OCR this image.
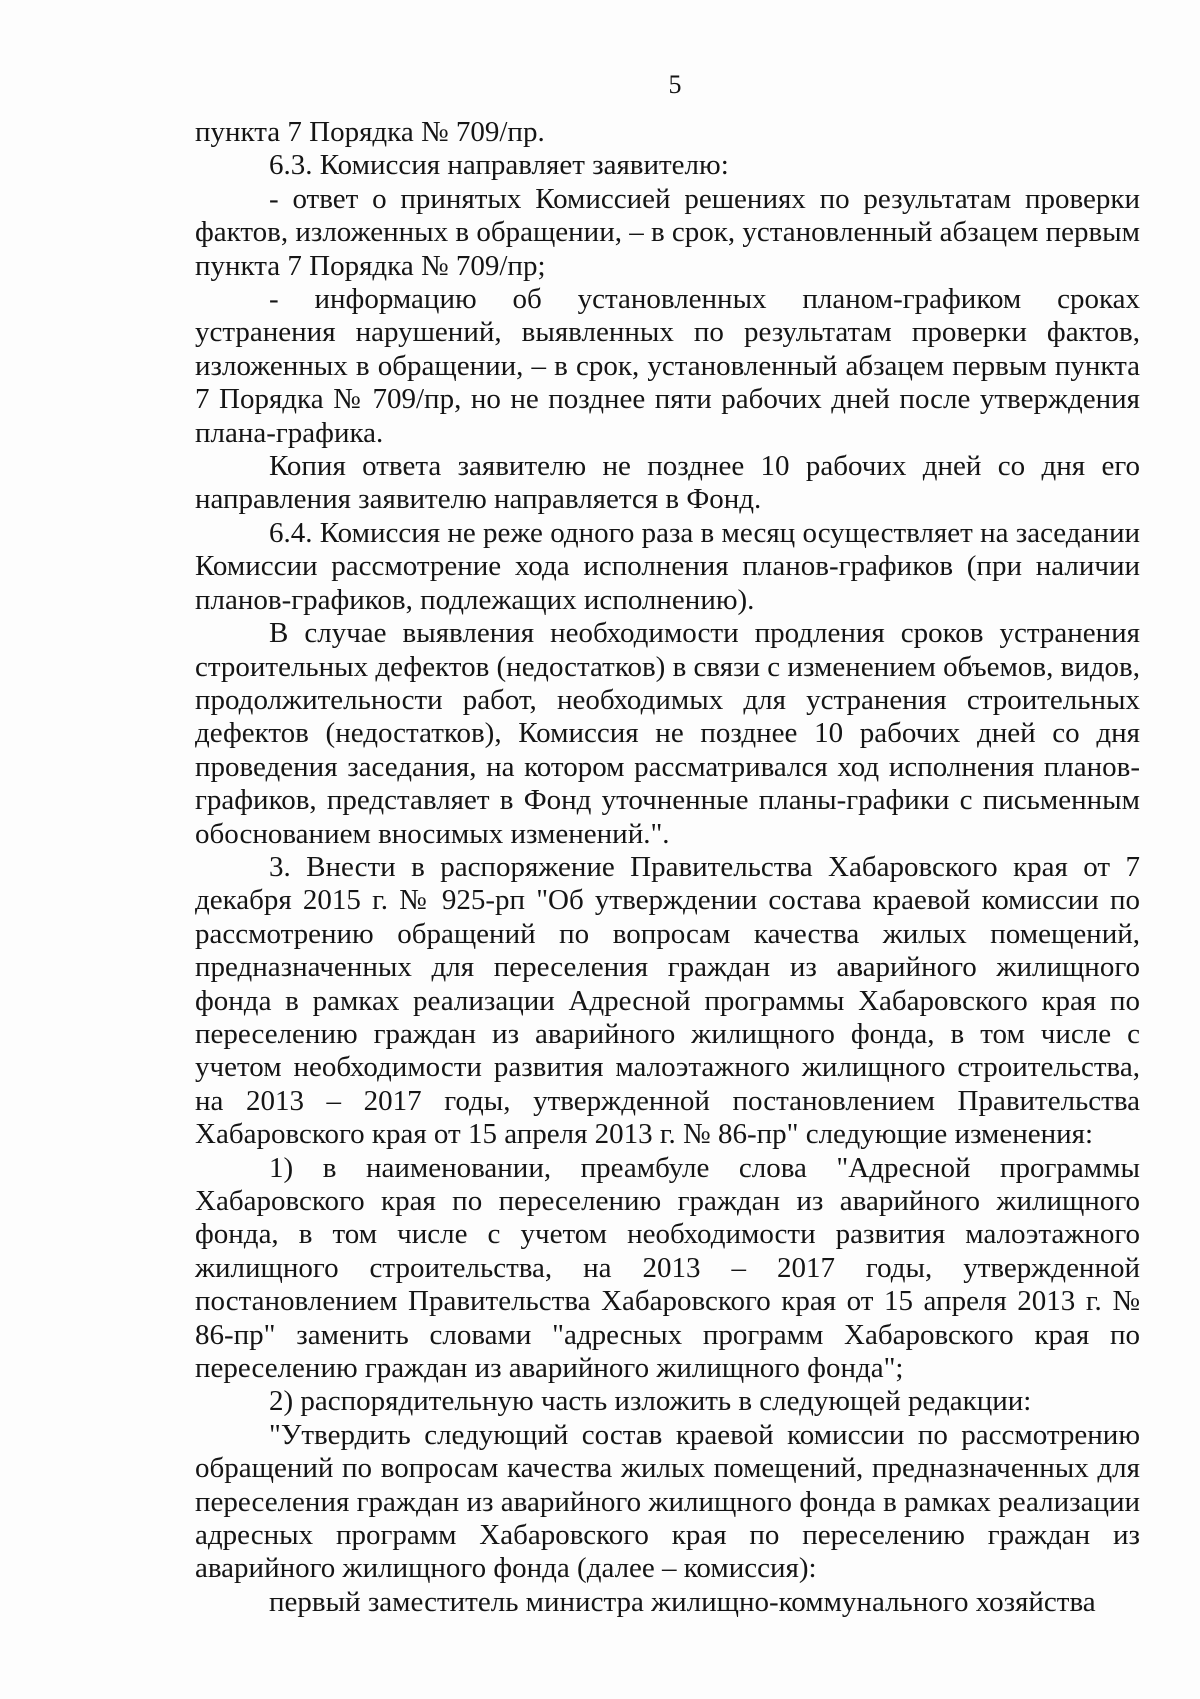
5

пункта 7 Порядка № 709/пр.

6.3. Комиссия направляет заявителю:

- ответ о принятых Комиссией решениях по результатам проверки фактов, изложенных в обращении, – в срок, установленный абзацем первым пункта 7 Порядка № 709/пр;

- информацию об установленных планом-графиком сроках устранения нарушений, выявленных по результатам проверки фактов, изложенных в обращении, – в срок, установленный абзацем первым пункта 7 Порядка № 709/пр, но не позднее пяти рабочих дней после утверждения плана-графика.

Копия ответа заявителю не позднее 10 рабочих дней со дня его направления заявителю направляется в Фонд.

6.4. Комиссия не реже одного раза в месяц осуществляет на заседании Комиссии рассмотрение хода исполнения планов-графиков (при наличии планов-графиков, подлежащих исполнению).

В случае выявления необходимости продления сроков устранения строительных дефектов (недостатков) в связи с изменением объемов, видов, продолжительности работ, необходимых для устранения строительных дефектов (недостатков), Комиссия не позднее 10 рабочих дней со дня проведения заседания, на котором рассматривался ход исполнения планов-графиков, представляет в Фонд уточненные планы-графики с письменным обоснованием вносимых изменений.".

3. Внести в распоряжение Правительства Хабаровского края от 7 декабря 2015 г. № 925-рп "Об утверждении состава краевой комиссии по рассмотрению обращений по вопросам качества жилых помещений, предназначенных для переселения граждан из аварийного жилищного фонда в рамках реализации Адресной программы Хабаровского края по переселению граждан из аварийного жилищного фонда, в том числе с учетом необходимости развития малоэтажного жилищного строительства, на 2013 – 2017 годы, утвержденной постановлением Правительства Хабаровского края от 15 апреля 2013 г. № 86-пр" следующие изменения:

1) в наименовании, преамбуле слова "Адресной программы Хабаровского края по переселению граждан из аварийного жилищного фонда, в том числе с учетом необходимости развития малоэтажного жилищного строительства, на 2013 – 2017 годы, утвержденной постановлением Правительства Хабаровского края от 15 апреля 2013 г. № 86-пр" заменить словами "адресных программ Хабаровского края по переселению граждан из аварийного жилищного фонда";

2) распорядительную часть изложить в следующей редакции:

"Утвердить следующий состав краевой комиссии по рассмотрению обращений по вопросам качества жилых помещений, предназначенных для переселения граждан из аварийного жилищного фонда в рамках реализации адресных программ Хабаровского края по переселению граждан из аварийного жилищного фонда (далее – комиссия):

первый заместитель министра жилищно-коммунального хозяйства
